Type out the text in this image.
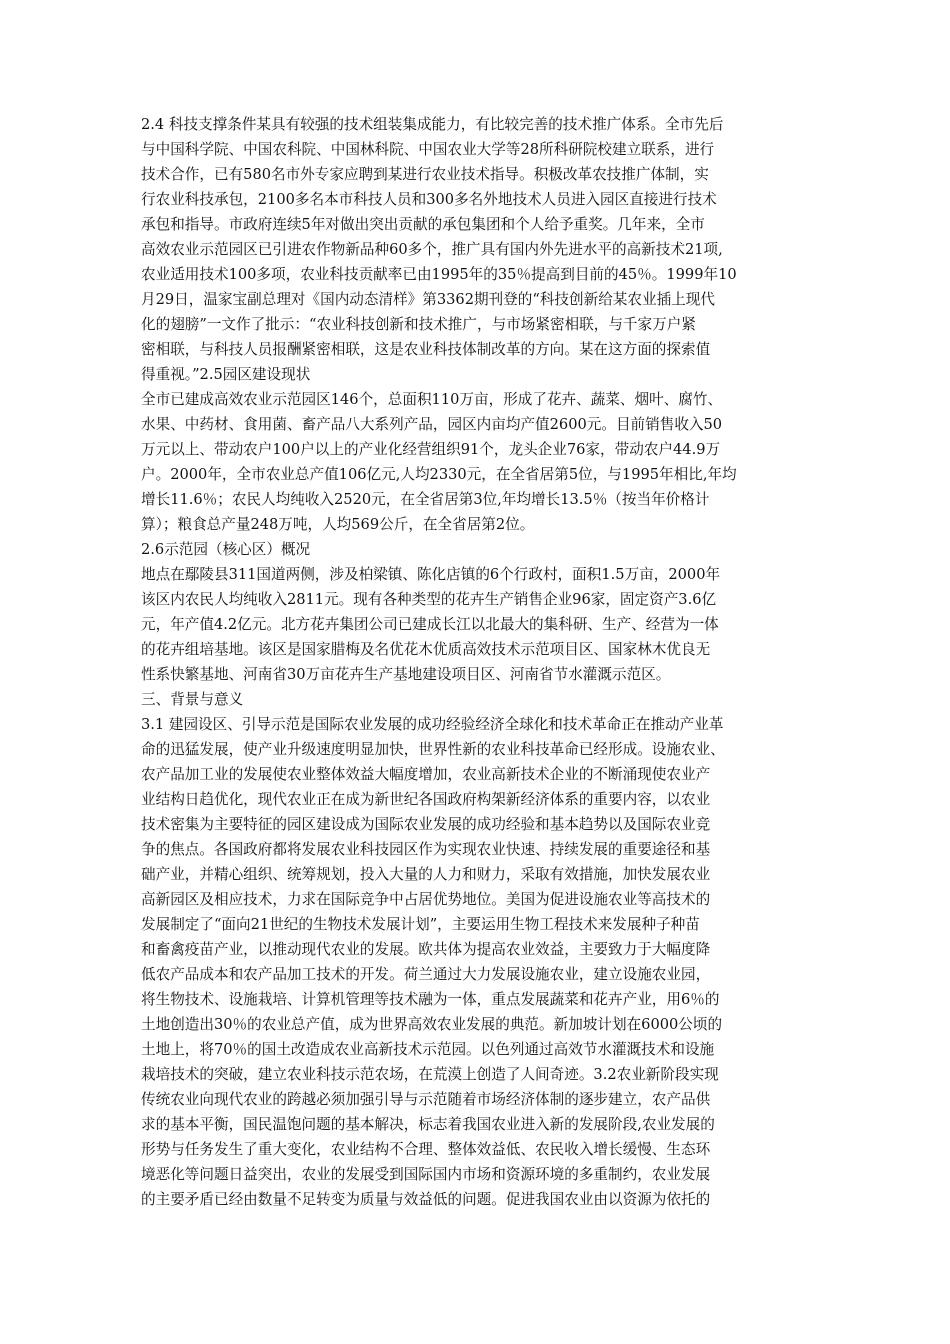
2.4 科技支撑条件某具有较强的技术组装集成能力，有比较完善的技术推广体系。全市先后
与中国科学院、中国农科院、中国林科院、中国农业大学等28所科研院校建立联系，进行
技术合作，已有580名市外专家应聘到某进行农业技术指导。积极改革农技推广体制，实
行农业科技承包，2100多名本市科技人员和300多名外地技术人员进入园区直接进行技术
承包和指导。市政府连续5年对做出突出贡献的承包集团和个人给予重奖。几年来，全市
高效农业示范园区已引进农作物新品种60多个，推广具有国内外先进水平的高新技术21项,
农业适用技术100多项，农业科技贡献率已由1995年的35％提高到目前的45％。1999年10
月29日，温家宝副总理对《国内动态清样》第3362期刊登的“科技创新给某农业插上现代
化的翅膀”一文作了批示：“农业科技创新和技术推广，与市场紧密相联，与千家万户紧
密相联，与科技人员报酬紧密相联，这是农业科技体制改革的方向。某在这方面的探索值
得重视。”2.5园区建设现状
全市已建成高效农业示范园区146个，总面积110万亩，形成了花卉、蔬菜、烟叶、腐竹、
水果、中药材、食用菌、畜产品八大系列产品，园区内亩均产值2600元。目前销售收入50
万元以上、带动农户100户以上的产业化经营组织91个，龙头企业76家，带动农户44.9万
户。2000年，全市农业总产值106亿元,人均2330元，在全省居第5位，与1995年相比,年均
增长11.6％；农民人均纯收入2520元，在全省居第3位,年均增长13.5％（按当年价格计
算）；粮食总产量248万吨，人均569公斤，在全省居第2位。
2.6示范园（核心区）概况
地点在鄢陵县311国道两侧，涉及柏梁镇、陈化店镇的6个行政村，面积1.5万亩，2000年
该区内农民人均纯收入2811元。现有各种类型的花卉生产销售企业96家，固定资产3.6亿
元，年产值4.2亿元。北方花卉集团公司已建成长江以北最大的集科研、生产、经营为一体
的花卉组培基地。该区是国家腊梅及名优花木优质高效技术示范项目区、国家林木优良无
性系快繁基地、河南省30万亩花卉生产基地建设项目区、河南省节水灌溉示范区。
三、背景与意义
3.1 建园设区、引导示范是国际农业发展的成功经验经济全球化和技术革命正在推动产业革
命的迅猛发展，使产业升级速度明显加快，世界性新的农业科技革命已经形成。设施农业、
农产品加工业的发展使农业整体效益大幅度增加，农业高新技术企业的不断涌现使农业产
业结构日趋优化，现代农业正在成为新世纪各国政府构架新经济体系的重要内容，以农业
技术密集为主要特征的园区建设成为国际农业发展的成功经验和基本趋势以及国际农业竞
争的焦点。各国政府都将发展农业科技园区作为实现农业快速、持续发展的重要途径和基
础产业，并精心组织、统筹规划，投入大量的人力和财力，采取有效措施，加快发展农业
高新园区及相应技术，力求在国际竞争中占居优势地位。美国为促进设施农业等高技术的
发展制定了“面向21世纪的生物技术发展计划”，主要运用生物工程技术来发展种子种苗
和畜禽疫苗产业，以推动现代农业的发展。欧共体为提高农业效益，主要致力于大幅度降
低农产品成本和农产品加工技术的开发。荷兰通过大力发展设施农业，建立设施农业园，
将生物技术、设施栽培、计算机管理等技术融为一体，重点发展蔬菜和花卉产业，用6％的
土地创造出30％的农业总产值，成为世界高效农业发展的典范。新加坡计划在6000公顷的
土地上，将70％的国土改造成农业高新技术示范园。以色列通过高效节水灌溉技术和设施
栽培技术的突破，建立农业科技示范农场，在荒漠上创造了人间奇迹。3.2农业新阶段实现
传统农业向现代农业的跨越必须加强引导与示范随着市场经济体制的逐步建立，农产品供
求的基本平衡，国民温饱问题的基本解决，标志着我国农业进入新的发展阶段,农业发展的
形势与任务发生了重大变化，农业结构不合理、整体效益低、农民收入增长缓慢、生态环
境恶化等问题日益突出，农业的发展受到国际国内市场和资源环境的多重制约，农业发展
的主要矛盾已经由数量不足转变为质量与效益低的问题。促进我国农业由以资源为依托的
